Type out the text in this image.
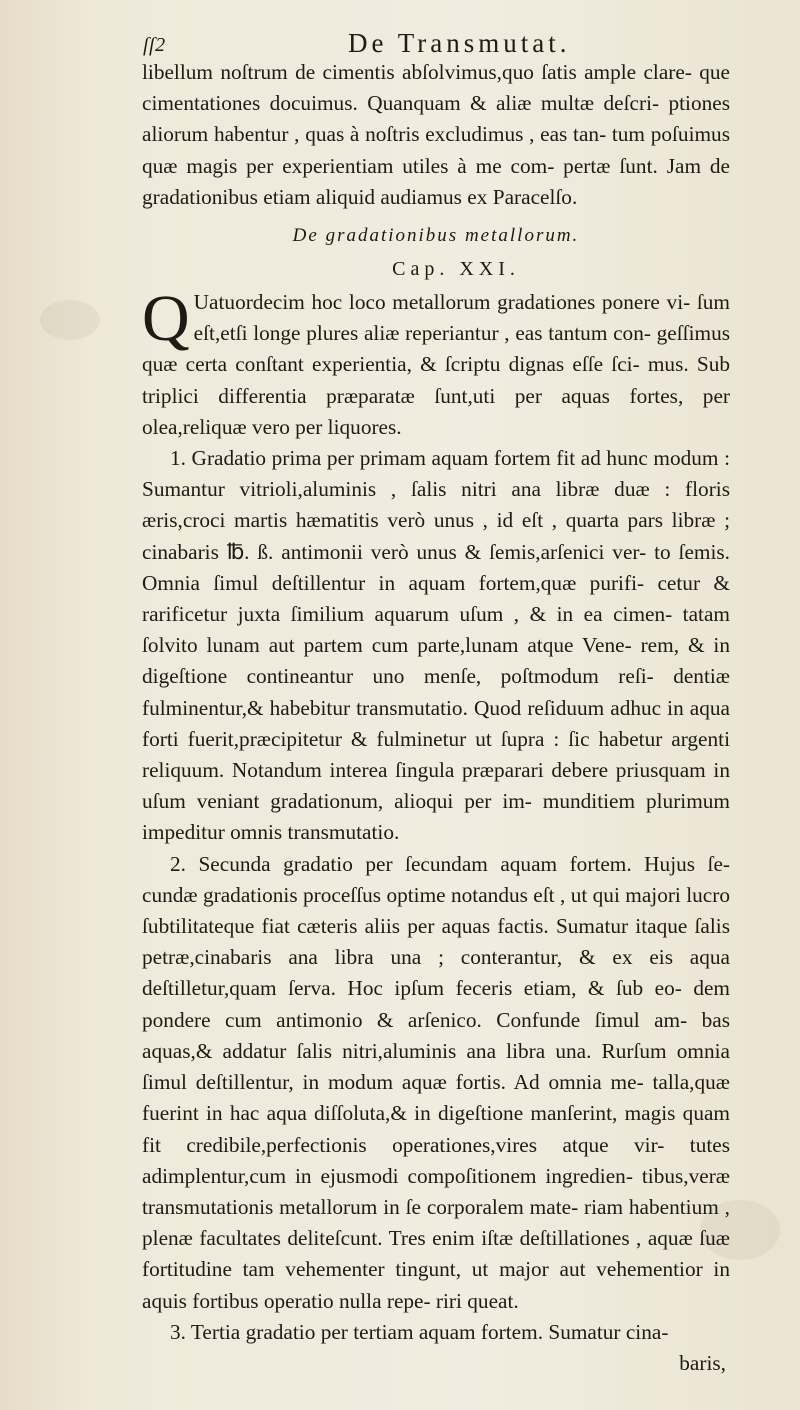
ſſ2	De Transmutat.

libellum noſtrum de cimentis abſolvimus,quo ſatis ample clare- que cimentationes docuimus. Quanquam & aliæ multæ deſcri- ptiones aliorum habentur , quas à noſtris excludimus , eas tan- tum poſuimus quæ magis per experientiam utiles à me com- pertæ ſunt. Jam de gradationibus etiam aliquid audiamus ex Paracelſo.

De gradationibus metallorum.
Cap. XXI.

Q Uatuordecim hoc loco metallorum gradationes ponere vi- ſum eſt,etſi longe plures aliæ reperiantur , eas tantum con- geſſimus quæ certa conſtant experientia, & ſcriptu dignas eſſe ſci- mus. Sub triplici differentia præparatæ ſunt,uti per aquas fortes, per olea,reliquæ vero per liquores.

1. Gradatio prima per primam aquam fortem fit ad hunc modum : Sumantur vitrioli,aluminis , ſalis nitri ana libræ duæ : floris æris,croci martis hæmatitis verò unus , id eſt , quarta pars libræ ; cinabaris ℔. ß. antimonii verò unus & ſemis,arſenici ver- to ſemis. Omnia ſimul deſtillentur in aquam fortem,quæ purifi- cetur & rarificetur juxta ſimilium aquarum uſum , & in ea cimen- tatam ſolvito lunam aut partem cum parte,lunam atque Vene- rem, & in digeſtione contineantur uno menſe, poſtmodum reſi- dentiæ fulminentur,& habebitur transmutatio. Quod reſiduum adhuc in aqua forti fuerit,præcipitetur & fulminetur ut ſupra : ſic habetur argenti reliquum. Notandum interea ſingula præparari debere priusquam in uſum veniant gradationum, alioqui per im- munditiem plurimum impeditur omnis transmutatio.

2. Secunda gradatio per ſecundam aquam fortem. Hujus ſe- cundæ gradationis proceſſus optime notandus eſt , ut qui majori lucro ſubtilitateque fiat cæteris aliis per aquas factis. Sumatur itaque ſalis petræ,cinabaris ana libra una ; conterantur, & ex eis aqua deſtilletur,quam ſerva. Hoc ipſum feceris etiam, & ſub eo- dem pondere cum antimonio & arſenico. Confunde ſimul am- bas aquas,& addatur ſalis nitri,aluminis ana libra una. Rurſum omnia ſimul deſtillentur, in modum aquæ fortis. Ad omnia me- talla,quæ fuerint in hac aqua diſſoluta,& in digeſtione manſerint, magis quam fit credibile,perfectionis operationes,vires atque vir- tutes adimplentur,cum in ejusmodi compoſitionem ingredien- tibus,veræ transmutationis metallorum in ſe corporalem mate- riam habentium , plenæ facultates deliteſcunt. Tres enim iſtæ deſtillationes , aquæ ſuæ fortitudine tam vehementer tingunt, ut major aut vehementior in aquis fortibus operatio nulla repe- riri queat.

3. Tertia gradatio per tertiam aquam fortem. Sumatur cina-

baris,
